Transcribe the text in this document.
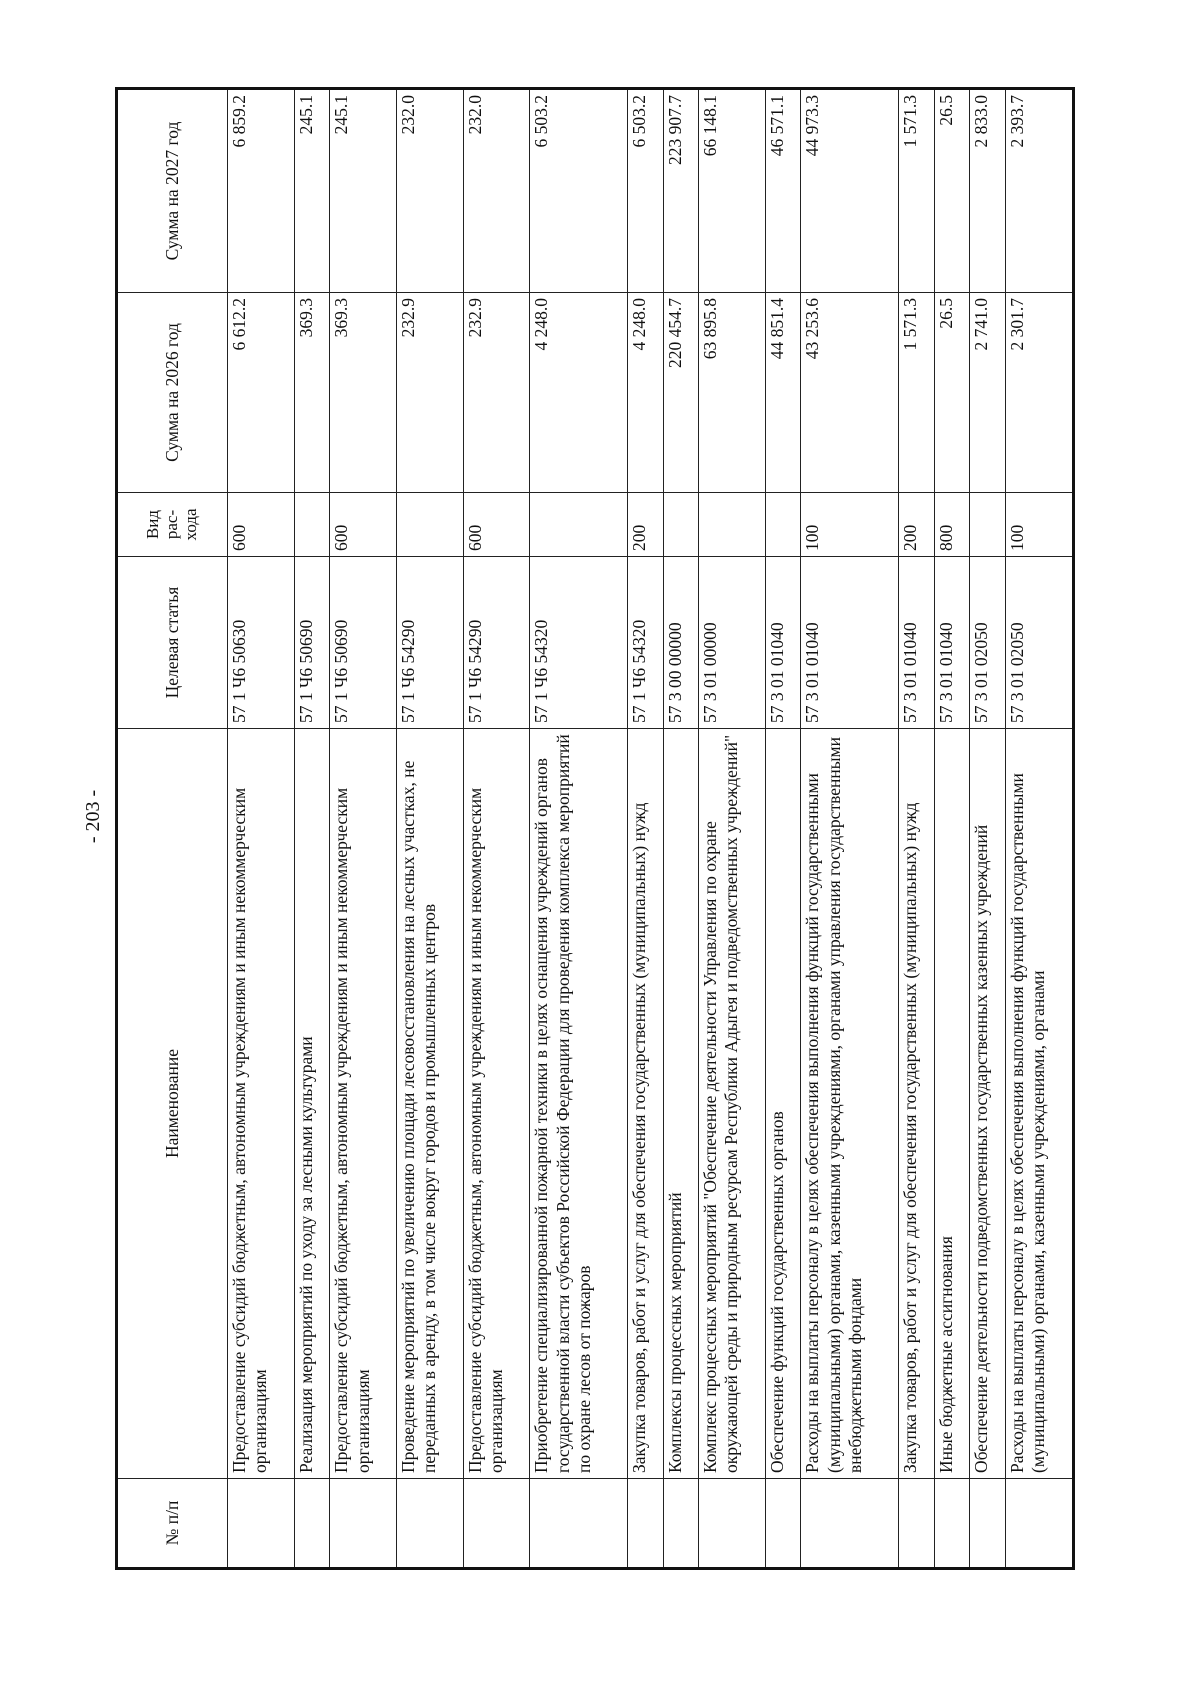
- 203 -
№ п/п	Наименование	Целевая статья	Вид рас-хода	Сумма на 2026 год	Сумма на 2027 год
	Предоставление субсидий бюджетным, автономным учреждениям и иным некоммерческим организациям	57 1 Ч6 50630	600	6 612.2	6 859.2
	Реализация мероприятий по уходу за лесными культурами	57 1 Ч6 50690		369.3	245.1
	Предоставление субсидий бюджетным, автономным учреждениям и иным некоммерческим организациям	57 1 Ч6 50690	600	369.3	245.1
	Проведение мероприятий по увеличению площади лесовосстановления на лесных участках, не переданных в аренду, в том числе вокруг городов и промышленных центров	57 1 Ч6 54290		232.9	232.0
	Предоставление субсидий бюджетным, автономным учреждениям и иным некоммерческим организациям	57 1 Ч6 54290	600	232.9	232.0
	Приобретение специализированной пожарной техники в целях оснащения учреждений органов государственной власти субъектов Российской Федерации для проведения комплекса мероприятий по охране лесов от пожаров	57 1 Ч6 54320		4 248.0	6 503.2
	Закупка товаров, работ и услуг для обеспечения государственных (муниципальных) нужд	57 1 Ч6 54320	200	4 248.0	6 503.2
	Комплексы процессных мероприятий	57 3 00 00000		220 454.7	223 907.7
	Комплекс процессных мероприятий "Обеспечение деятельности Управления по охране окружающей среды и природным ресурсам Республики Адыгея и подведомственных учреждений"	57 3 01 00000		63 895.8	66 148.1
	Обеспечение функций государственных органов	57 3 01 01040		44 851.4	46 571.1
	Расходы на выплаты персоналу в целях обеспечения выполнения функций государственными (муниципальными) органами, казенными учреждениями, органами управления государственными внебюджетными фондами	57 3 01 01040	100	43 253.6	44 973.3
	Закупка товаров, работ и услуг для обеспечения государственных (муниципальных) нужд	57 3 01 01040	200	1 571.3	1 571.3
	Иные бюджетные ассигнования	57 3 01 01040	800	26.5	26.5
	Обеспечение деятельности подведомственных государственных казенных учреждений	57 3 01 02050		2 741.0	2 833.0
	Расходы на выплаты персоналу в целях обеспечения выполнения функций государственными (муниципальными) органами, казенными учреждениями, органами	57 3 01 02050	100	2 301.7	2 393.7
